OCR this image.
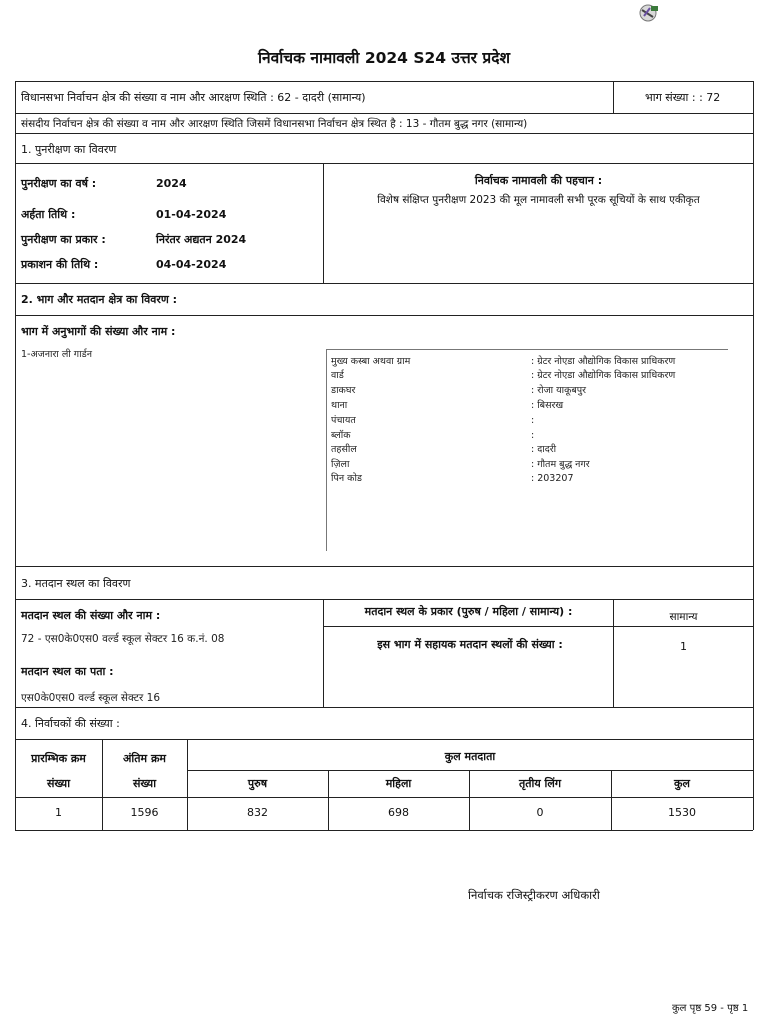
निर्वाचक नामावली 2024 S24 उत्तर प्रदेश
विधानसभा निर्वाचन क्षेत्र की संख्या व नाम और आरक्षण स्थिति : 62 - दादरी (सामान्य)	भाग संख्या : : 72
संसदीय निर्वाचन क्षेत्र की संख्या व नाम और आरक्षण स्थिति जिसमें विधानसभा निर्वाचन क्षेत्र स्थित है : 13 - गौतम बुद्ध नगर (सामान्य)
1. पुनरीक्षण का विवरण
पुनरीक्षण का वर्ष :	2024
अर्हता तिथि :	01-04-2024
पुनरीक्षण का प्रकार :	निरंतर अद्यतन 2024
प्रकाशन की तिथि :	04-04-2024
निर्वाचक नामावली की पहचान :
विशेष संक्षिप्त पुनरीक्षण 2023 की मूल नामावली सभी पूरक सूचियों के साथ एकीकृत
2. भाग और मतदान क्षेत्र का विवरण :
भाग में अनुभागों की संख्या और नाम :
1-अजनारा ली गार्डन
मुख्य कस्बा अथवा ग्राम	: ग्रेटर नोएडा औद्योगिक विकास प्राधिकरण
वार्ड	: ग्रेटर नोएडा औद्योगिक विकास प्राधिकरण
डाकघर	: रोजा याकूबपुर
थाना	: बिसरख
पंचायत	:
ब्लॉक	:
तहसील	: दादरी
ज़िला	: गौतम बुद्ध नगर
पिन कोड	: 203207
3. मतदान स्थल का विवरण
मतदान स्थल की संख्या और नाम :
72 - एस0के0एस0 वर्ल्ड स्कूल सेक्टर 16 क.नं. 08
मतदान स्थल का पता :
एस0के0एस0 वर्ल्ड स्कूल सेक्टर 16
मतदान स्थल के प्रकार (पुरुष / महिला / सामान्य) :	सामान्य
इस भाग में सहायक मतदान स्थलों की संख्या :	1
4. निर्वाचकों की संख्या :
प्रारम्भिक क्रम
संख्या
अंतिम क्रम
संख्या
कुल मतदाता
पुरुष	महिला	तृतीय लिंग	कुल
1	1596	832	698	0	1530
निर्वाचक रजिस्ट्रीकरण अधिकारी
कुल पृष्ठ 59 - पृष्ठ 1
